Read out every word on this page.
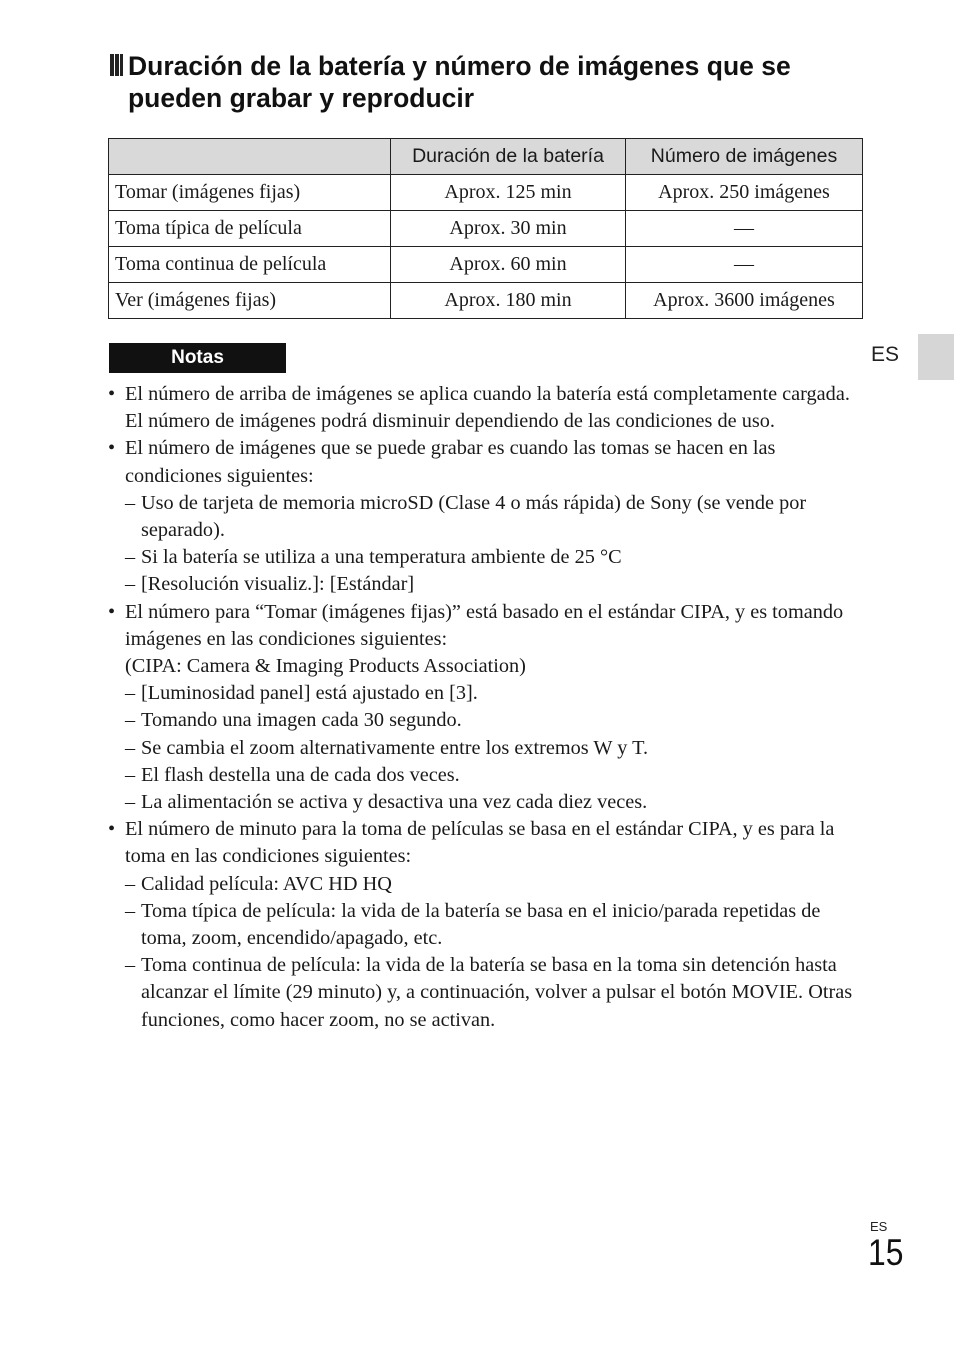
Duración de la batería y número de imágenes que se pueden grabar y reproducir
	Duración de la batería	Número de imágenes
Tomar (imágenes fijas)	Aprox. 125 min	Aprox. 250 imágenes
Toma típica de película	Aprox. 30 min	—
Toma continua de película	Aprox. 60 min	—
Ver (imágenes fijas)	Aprox. 180 min	Aprox. 3600 imágenes
Notas	ES
• El número de arriba de imágenes se aplica cuando la batería está completamente cargada. El número de imágenes podrá disminuir dependiendo de las condiciones de uso.
• El número de imágenes que se puede grabar es cuando las tomas se hacen en las condiciones siguientes:
– Uso de tarjeta de memoria microSD (Clase 4 o más rápida) de Sony (se vende por separado).
– Si la batería se utiliza a una temperatura ambiente de 25 °C
– [Resolución visualiz.]: [Estándar]
• El número para “Tomar (imágenes fijas)” está basado en el estándar CIPA, y es tomando imágenes en las condiciones siguientes:
(CIPA: Camera & Imaging Products Association)
– [Luminosidad panel] está ajustado en [3].
– Tomando una imagen cada 30 segundo.
– Se cambia el zoom alternativamente entre los extremos W y T.
– El flash destella una de cada dos veces.
– La alimentación se activa y desactiva una vez cada diez veces.
• El número de minuto para la toma de películas se basa en el estándar CIPA, y es para la toma en las condiciones siguientes:
– Calidad película: AVC HD HQ
– Toma típica de película: la vida de la batería se basa en el inicio/parada repetidas de toma, zoom, encendido/apagado, etc.
– Toma continua de película: la vida de la batería se basa en la toma sin detención hasta alcanzar el límite (29 minuto) y, a continuación, volver a pulsar el botón MOVIE. Otras funciones, como hacer zoom, no se activan.
ES
15
